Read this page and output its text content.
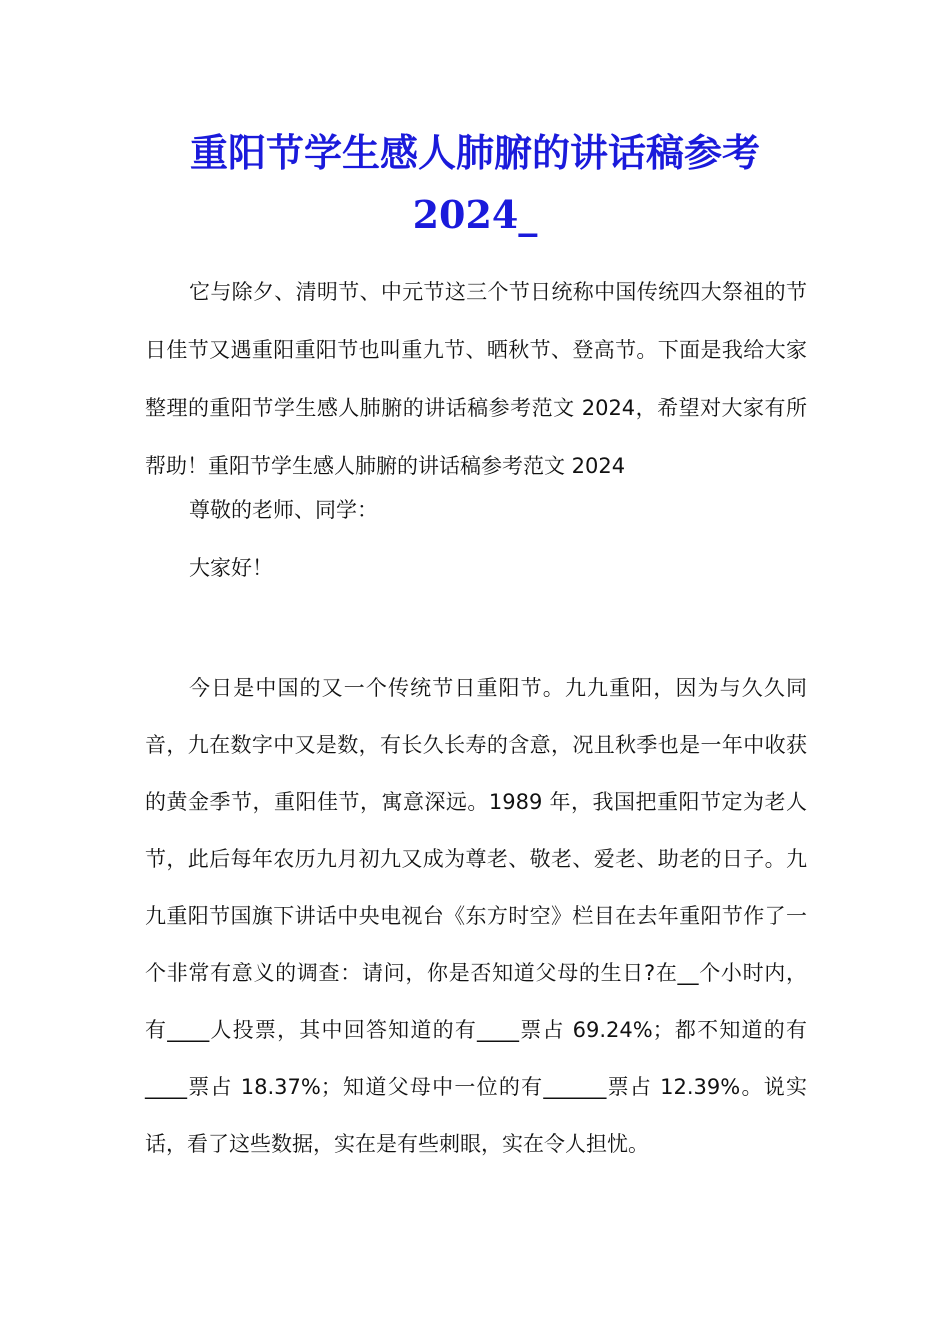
重阳节学生感人肺腑的讲话稿参考2024_

它与除夕、清明节、中元节这三个节日统称中国传统四大祭祖的节日佳节又遇重阳重阳节也叫重九节、晒秋节、登高节。下面是我给大家整理的重阳节学生感人肺腑的讲话稿参考范文 2024，希望对大家有所帮助！重阳节学生感人肺腑的讲话稿参考范文 2024

尊敬的老师、同学：

大家好！

今日是中国的又一个传统节日重阳节。九九重阳，因为与久久同音，九在数字中又是数，有长久长寿的含意，况且秋季也是一年中收获的黄金季节，重阳佳节，寓意深远。1989 年，我国把重阳节定为老人节，此后每年农历九月初九又成为尊老、敬老、爱老、助老的日子。九九重阳节国旗下讲话中央电视台《东方时空》栏目在去年重阳节作了一个非常有意义的调查：请问，你是否知道父母的生日?在__个小时内，有____人投票，其中回答知道的有____票占 69.24%；都不知道的有____票占 18.37%；知道父母中一位的有______票占 12.39%。说实话，看了这些数据，实在是有些刺眼，实在令人担忧。
